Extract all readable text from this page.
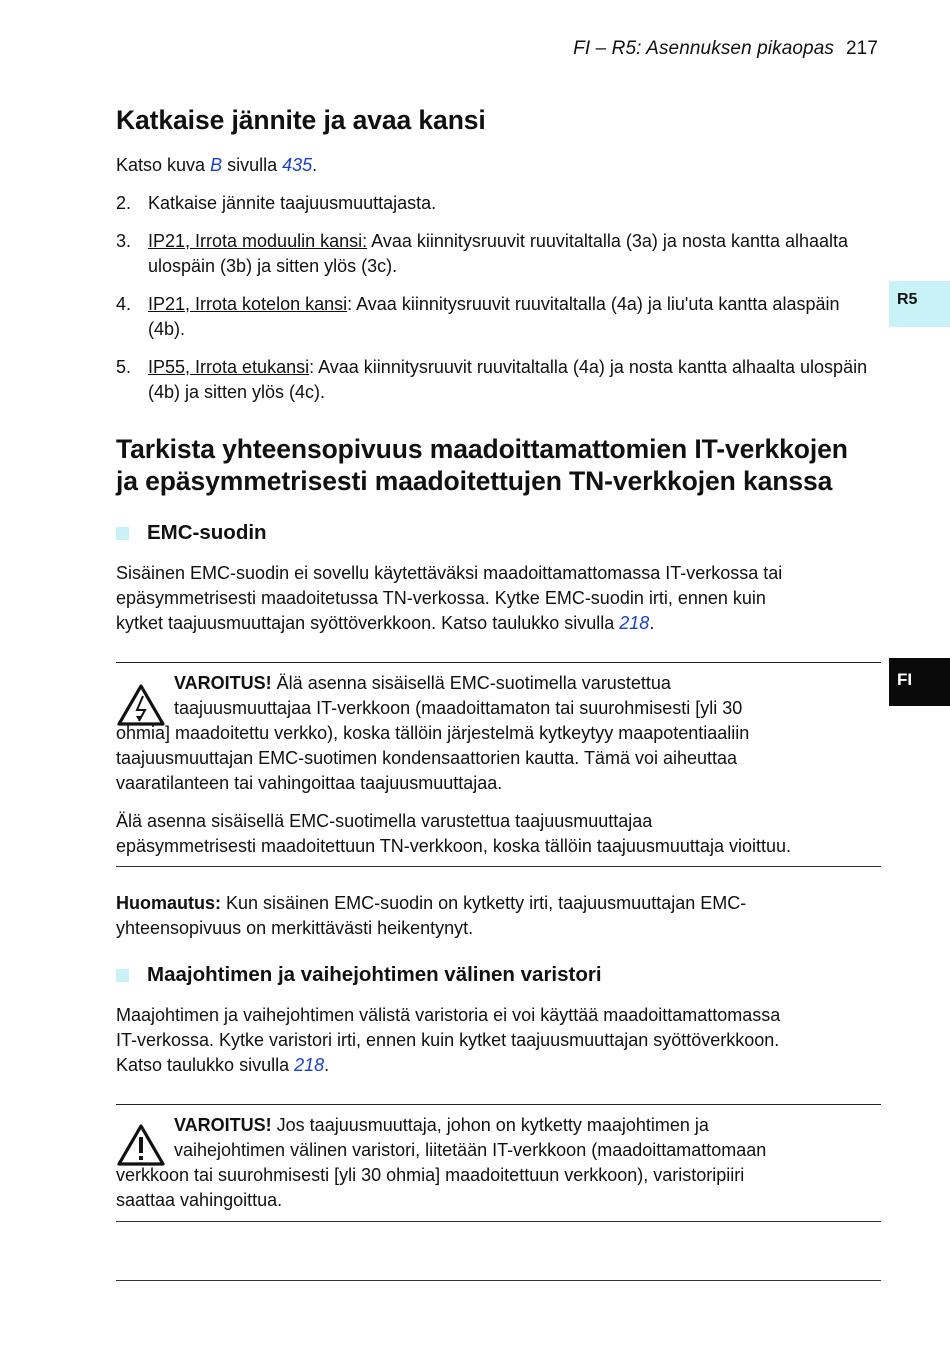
FI – R5: Asennuksen pikaopas 217
R5
FI
Katkaise jännite ja avaa kansi

Katso kuva B sivulla 435.

2. Katkaise jännite taajuusmuuttajasta.
3. IP21, Irrota moduulin kansi: Avaa kiinnitysruuvit ruuvitaltalla (3a) ja nosta kantta alhaalta ulospäin (3b) ja sitten ylös (3c).
4. IP21, Irrota kotelon kansi: Avaa kiinnitysruuvit ruuvitaltalla (4a) ja liu'uta kantta alaspäin (4b).
5. IP55, Irrota etukansi: Avaa kiinnitysruuvit ruuvitaltalla (4a) ja nosta kantta alhaalta ulospäin (4b) ja sitten ylös (4c).
Tarkista yhteensopivuus maadoittamattomien IT-verkkojen
ja epäsymmetrisesti maadoitettujen TN-verkkojen kanssa
EMC-suodin

Sisäinen EMC-suodin ei sovellu käytettäväksi maadoittamattomassa IT-verkossa tai
epäsymmetrisesti maadoitetussa TN-verkossa. Kytke EMC-suodin irti, ennen kuin
kytket taajuusmuuttajan syöttöverkkoon. Katso taulukko sivulla 218.

VAROITUS! Älä asenna sisäisellä EMC-suotimella varustettua
taajuusmuuttajaa IT-verkkoon (maadoittamaton tai suurohmisesti [yli 30
ohmia] maadoitettu verkko), koska tällöin järjestelmä kytkeytyy maapotentiaaliin
taajuusmuuttajan EMC-suotimen kondensaattorien kautta. Tämä voi aiheuttaa
vaaratilanteen tai vahingoittaa taajuusmuuttajaa.

Älä asenna sisäisellä EMC-suotimella varustettua taajuusmuuttajaa
epäsymmetrisesti maadoitettuun TN-verkkoon, koska tällöin taajuusmuuttaja vioittuu.

Huomautus: Kun sisäinen EMC-suodin on kytketty irti, taajuusmuuttajan EMC-
yhteensopivuus on merkittävästi heikentynyt.

Maajohtimen ja vaihejohtimen välinen varistori

Maajohtimen ja vaihejohtimen välistä varistoria ei voi käyttää maadoittamattomassa
IT-verkossa. Kytke varistori irti, ennen kuin kytket taajuusmuuttajan syöttöverkkoon.
Katso taulukko sivulla 218.

VAROITUS! Jos taajuusmuuttaja, johon on kytketty maajohtimen ja
vaihejohtimen välinen varistori, liitetään IT-verkkoon (maadoittamattomaan
verkkoon tai suurohmisesti [yli 30 ohmia] maadoitettuun verkkoon), varistoripiiri
saattaa vahingoittua.
